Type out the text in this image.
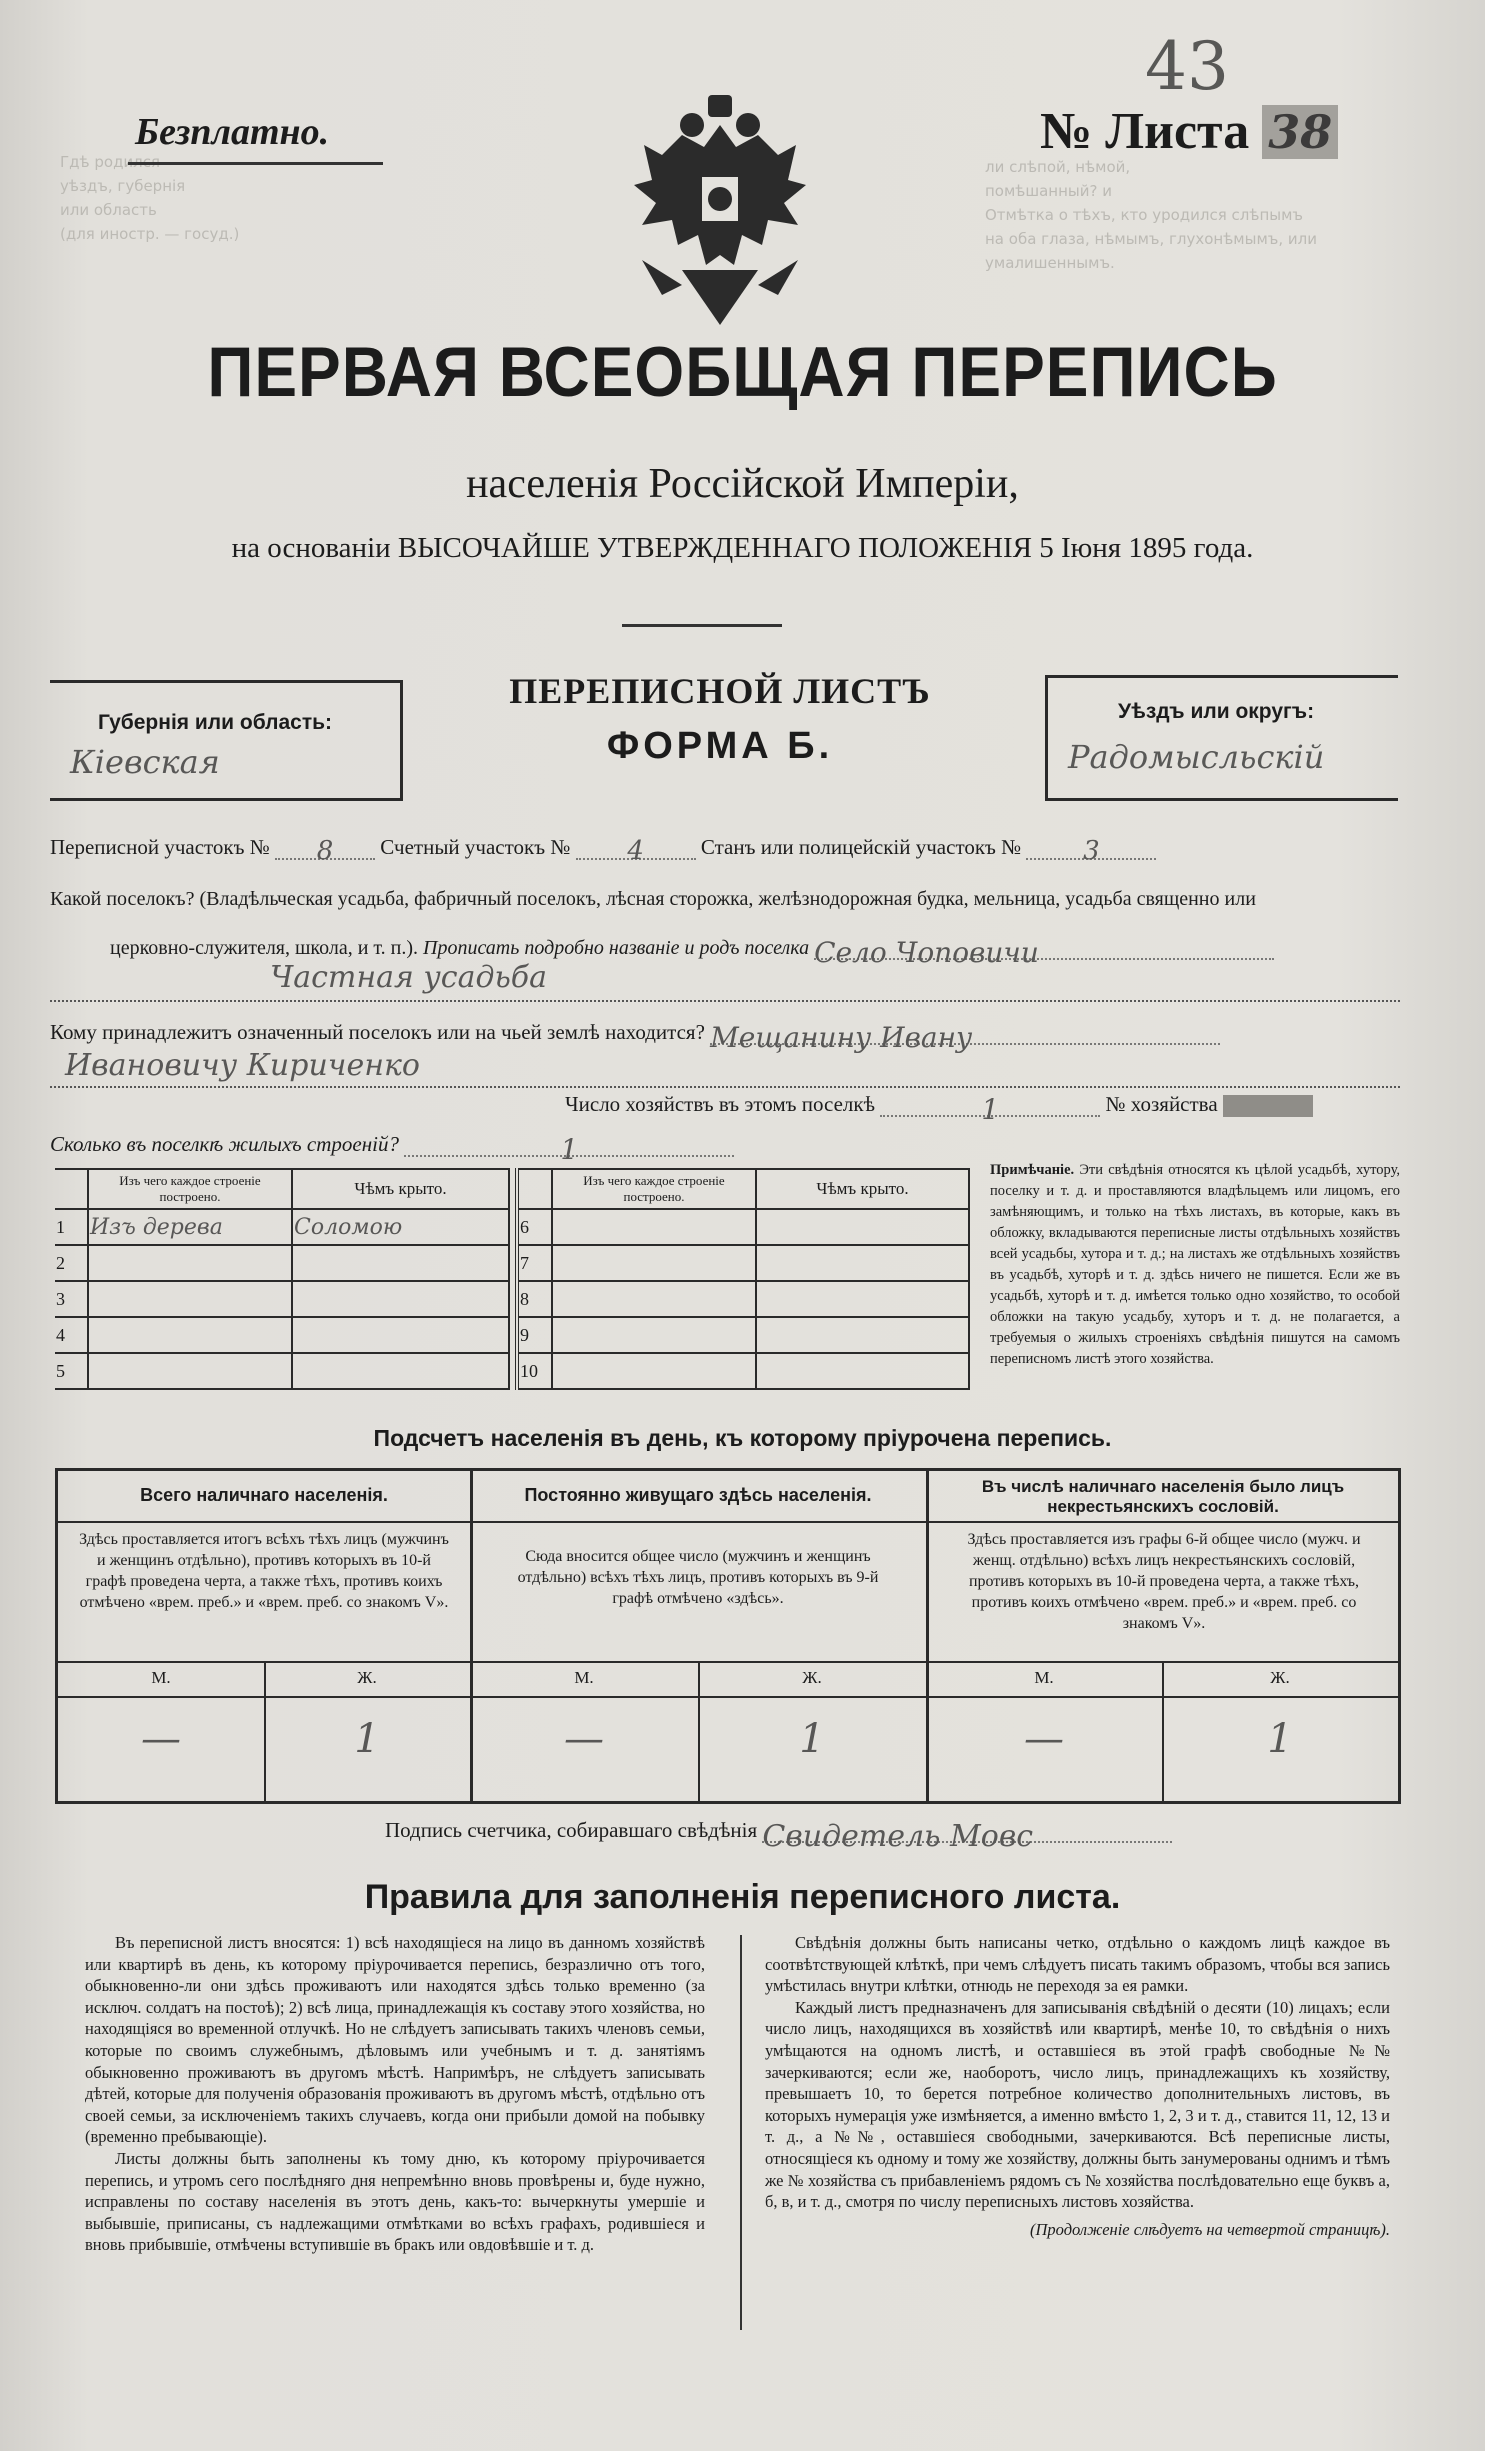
Гдѣ родился
уѣздъ, губернія
или область
(для иностр. — госуд.)
ли слѣпой, нѣмой,
помѣшанный? и
Отмѣтка о тѣхъ, кто уродился слѣпымъ
на оба глаза, нѣмымъ, глухонѣмымъ, или
умалишеннымъ.
43
Безплатно.	№ Листа 38
ПЕРВАЯ ВСЕОБЩАЯ ПЕРЕПИСЬ
населенія Россійской Имперіи,
на основаніи ВЫСОЧАЙШЕ УТВЕРЖДЕННАГО ПОЛОЖЕНІЯ 5 Іюня 1895 года.
Губернія или область:
Кiевская
ПЕРЕПИСНОЙ ЛИСТЪ
ФОРМА Б.
Уѣздъ или округъ:
Радомысльскiй
Переписной участокъ № 8 Счетный участокъ № 4	Станъ или полицейскій участокъ № 3
Какой поселокъ? (Владѣльческая усадьба, фабричный поселокъ, лѣсная сторожка, желѣзнодорожная будка, мельница, усадьба священно или
церковно-служителя, школа, и т. п.). Прописать подробно названіе и родъ поселка Село Чоповичи
Частная усадьба
Кому принадлежитъ означенный поселокъ или на чьей землѣ находится? Мещанину Ивану
Ивановичу Кириченко
Число хозяйствъ въ этомъ поселкѣ	1	№ хозяйства
Сколько въ поселкѣ жилыхъ строеній?	1
	Изъ чего каждое строеніе построено.	Чѣмъ крыто.
1	Изъ дерева	Соломою
2		
3		
4		
5		
	Изъ чего каждое строеніе построено.	Чѣмъ крыто.
6		
7		
8		
9		
10		
Примѣчаніе. Эти свѣдѣнія относятся къ цѣлой усадьбѣ, хутору, поселку и т. д. и проставляются владѣльцемъ или лицомъ, его замѣняющимъ, и только на тѣхъ листахъ, въ которые, какъ въ обложку, вкладываются переписные листы отдѣльныхъ хозяйствъ всей усадьбы, хутора и т. д.; на листахъ же отдѣльныхъ хозяйствъ въ усадьбѣ, хуторѣ и т. д. здѣсь ничего не пишется. Если же въ усадьбѣ, хуторѣ и т. д. имѣется только одно хозяйство, то особой обложки на такую усадьбу, хуторъ и т. д. не полагается, а требуемыя о жилыхъ строеніяхъ свѣдѣнія пишутся на самомъ переписномъ листѣ этого хозяйства.
Подсчетъ населенія въ день, къ которому пріурочена перепись.
Всего наличнаго населенія.
Здѣсь проставляется итогъ всѣхъ тѣхъ лицъ (мужчинъ и женщинъ отдѣльно), противъ которыхъ въ 10-й графѣ проведена черта, а также тѣхъ, противъ коихъ отмѣчено «врем. преб.» и «врем. преб. со знакомъ V».
М.	Ж.
—	1
Постоянно живущаго здѣсь населенія.
Сюда вносится общее число (мужчинъ и женщинъ отдѣльно) всѣхъ тѣхъ лицъ, противъ которыхъ въ 9-й графѣ отмѣчено «здѣсь».
М.	Ж.
—	1
Въ числѣ наличнаго населенія было лицъ некрестьянскихъ сословій.
Здѣсь проставляется изъ графы 6-й общее число (мужч. и женщ. отдѣльно) всѣхъ лицъ некрестьянскихъ сословій, противъ которыхъ въ 10-й проведена черта, а также тѣхъ, противъ коихъ отмѣчено «врем. преб.» и «врем. преб. со знакомъ V».
М.	Ж.
—	1
Подпись счетчика, собиравшаго свѣдѣнія Свидетель Мовс
Правила для заполненія переписного листа.
Въ переписной листъ вносятся: 1) всѣ находящіеся на лицо въ данномъ хозяйствѣ или квартирѣ въ день, къ которому пріурочивается перепись, безразлично отъ того, обыкновенно-ли они здѣсь проживаютъ или находятся здѣсь только временно (за исключ. солдатъ на постоѣ); 2) всѣ лица, принадлежащія къ составу этого хозяйства, но находящіяся во временной отлучкѣ. Но не слѣдуетъ записывать такихъ членовъ семьи, которые по своимъ служебнымъ, дѣловымъ или учебнымъ и т. д. занятіямъ обыкновенно проживаютъ въ другомъ мѣстѣ. Напримѣръ, не слѣдуетъ записывать дѣтей, которые для полученія образованія проживаютъ въ другомъ мѣстѣ, отдѣльно отъ своей семьи, за исключеніемъ такихъ случаевъ, когда они прибыли домой на побывку (временно пребывающіе).
Листы должны быть заполнены къ тому дню, къ которому пріурочивается перепись, и утромъ сего послѣдняго дня непремѣнно вновь провѣрены и, буде нужно, исправлены по составу населенія въ этотъ день, какъ-то: вычеркнуты умершіе и выбывшіе, приписаны, съ надлежащими отмѣтками во всѣхъ графахъ, родившіеся и вновь прибывшіе, отмѣчены вступившіе въ бракъ или овдовѣвшіе и т. д.
Свѣдѣнія должны быть написаны четко, отдѣльно о каждомъ лицѣ каждое въ соотвѣтствующей клѣткѣ, при чемъ слѣдуетъ писать такимъ образомъ, чтобы вся запись умѣстилась внутри клѣтки, отнюдь не переходя за ея рамки.
Каждый листъ предназначенъ для записыванія свѣдѣній о десяти (10) лицахъ; если число лицъ, находящихся въ хозяйствѣ или квартирѣ, менѣе 10, то свѣдѣнія о нихъ умѣщаются на одномъ листѣ, и оставшіеся въ этой графѣ свободные №№ зачеркиваются; если же, наоборотъ, число лицъ, принадлежащихъ къ хозяйству, превышаетъ 10, то берется потребное количество дополнительныхъ листовъ, въ которыхъ нумерація уже измѣняется, а именно вмѣсто 1, 2, 3 и т. д., ставится 11, 12, 13 и т. д., а №№, оставшіеся свободными, зачеркиваются. Всѣ переписные листы, относящіеся къ одному и тому же хозяйству, должны быть занумерованы однимъ и тѣмъ же № хозяйства съ прибавленіемъ рядомъ съ № хозяйства послѣдовательно еще буквъ а, б, в, и т. д., смотря по числу переписныхъ листовъ хозяйства.
(Продолженіе слѣдуетъ на четвертой страницѣ).
